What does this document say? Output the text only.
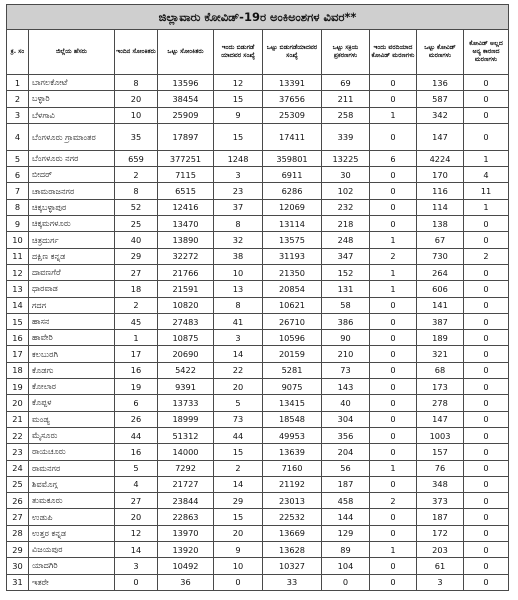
ಜಿಲ್ಲಾವಾರು ಕೋವಿಡ್-19ರ ಅಂಕಿಅಂಶಗಳ ವಿವರ**									
ಕ್ರ. ಸಂ	ಜಿಲ್ಲೆಯ ಹೆಸರು	ಇಂದಿನ ಸೋಂಕಿತರು	ಒಟ್ಟು ಸೋಂಕಿತರು	ಇಂದು ಬಿಡುಗಡೆ ಯಾದವರ ಸಂಖ್ಯೆ	ಒಟ್ಟು ಬಿಡುಗಡೆಯಾದವರ ಸಂಖ್ಯೆ	ಒಟ್ಟು ಸಕ್ರಿಯ ಪ್ರಕರಣಗಳು	ಇಂದು ವರದಿಯಾದ ಕೋವಿಡ್ ಮರಣಗಳು	ಒಟ್ಟು ಕೋವಿಡ್ ಮರಣಗಳು	ಕೋವಿಡ್ ಅಲ್ಲದ ಅನ್ಯ ಕಾರಣದ ಮರಣಗಳು
1	ಬಾಗಲಕೋಟೆ	8	13596	12	13391	69	0	136	0
2	ಬಳ್ಳಾರಿ	20	38454	15	37656	211	0	587	0
3	ಬೆಳಗಾವಿ	10	25909	9	25309	258	1	342	0
4	ಬೆಂಗಳೂರು ಗ್ರಾಮಾಂತರ	35	17897	15	17411	339	0	147	0
5	ಬೆಂಗಳೂರು ನಗರ	659	377251	1248	359801	13225	6	4224	1
6	ಬೀದರ್	2	7115	3	6911	30	0	170	4
7	ಚಾಮರಾಜನಗರ	8	6515	23	6286	102	0	116	11
8	ಚಿಕ್ಕಬಳ್ಳಾಪುರ	52	12416	37	12069	232	0	114	1
9	ಚಿಕ್ಕಮಗಳೂರು	25	13470	8	13114	218	0	138	0
10	ಚಿತ್ರದುರ್ಗ	40	13890	32	13575	248	1	67	0
11	ದಕ್ಷಿಣ ಕನ್ನಡ	29	32272	38	31193	347	2	730	2
12	ದಾವಣಗೆರೆ	27	21766	10	21350	152	1	264	0
13	ಧಾರವಾಡ	18	21591	13	20854	131	1	606	0
14	ಗದಗ	2	10820	8	10621	58	0	141	0
15	ಹಾಸನ	45	27483	41	26710	386	0	387	0
16	ಹಾವೇರಿ	1	10875	3	10596	90	0	189	0
17	ಕಲಬುರಗಿ	17	20690	14	20159	210	0	321	0
18	ಕೊಡಗು	16	5422	22	5281	73	0	68	0
19	ಕೋಲಾರ	19	9391	20	9075	143	0	173	0
20	ಕೊಪ್ಪಳ	6	13733	5	13415	40	0	278	0
21	ಮಂಡ್ಯ	26	18999	73	18548	304	0	147	0
22	ಮೈಸೂರು	44	51312	44	49953	356	0	1003	0
23	ರಾಯಚೂರು	16	14000	15	13639	204	0	157	0
24	ರಾಮನಗರ	5	7292	2	7160	56	1	76	0
25	ಶಿವಮೊಗ್ಗ	4	21727	14	21192	187	0	348	0
26	ತುಮಕೂರು	27	23844	29	23013	458	2	373	0
27	ಉಡುಪಿ	20	22863	15	22532	144	0	187	0
28	ಉತ್ತರ ಕನ್ನಡ	12	13970	20	13669	129	0	172	0
29	ವಿಜಯಪುರ	14	13920	9	13628	89	1	203	0
30	ಯಾದಗಿರಿ	3	10492	10	10327	104	0	61	0
31	ಇತರೇ	0	36	0	33	0	0	3	0
